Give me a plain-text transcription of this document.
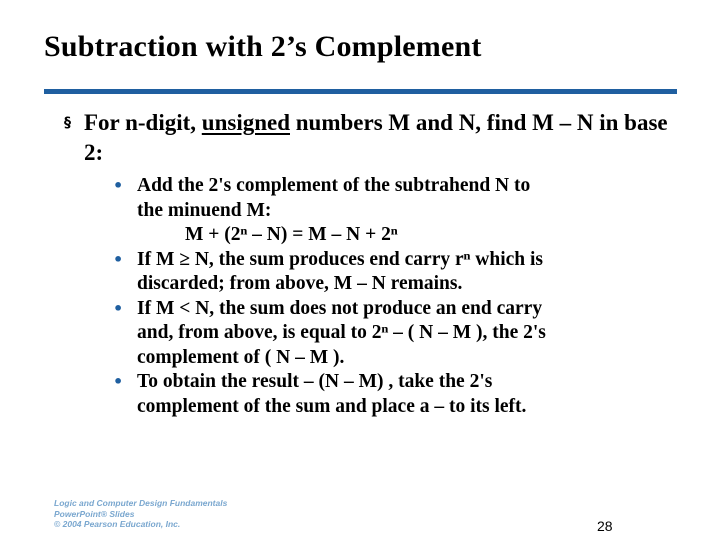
Subtraction with 2’s Complement
§ For n-digit, unsigned numbers M and N, find M – N in base 2:
• Add the 2's complement of the subtrahend N to
the minuend M:

M + (2ⁿ – N) = M – N + 2ⁿ
• If M ≥ N, the sum produces end carry rⁿ which is
discarded; from above, M – N remains.
• If M < N, the sum does not produce an end carry
and, from above, is equal to 2ⁿ – ( N – M ), the 2's
complement of ( N – M ).
• To obtain the result – (N – M) , take the 2's
complement of the sum and place a – to its left.
Logic and Computer Design Fundamentals
PowerPoint® Slides
© 2004 Pearson Education, Inc.	28
